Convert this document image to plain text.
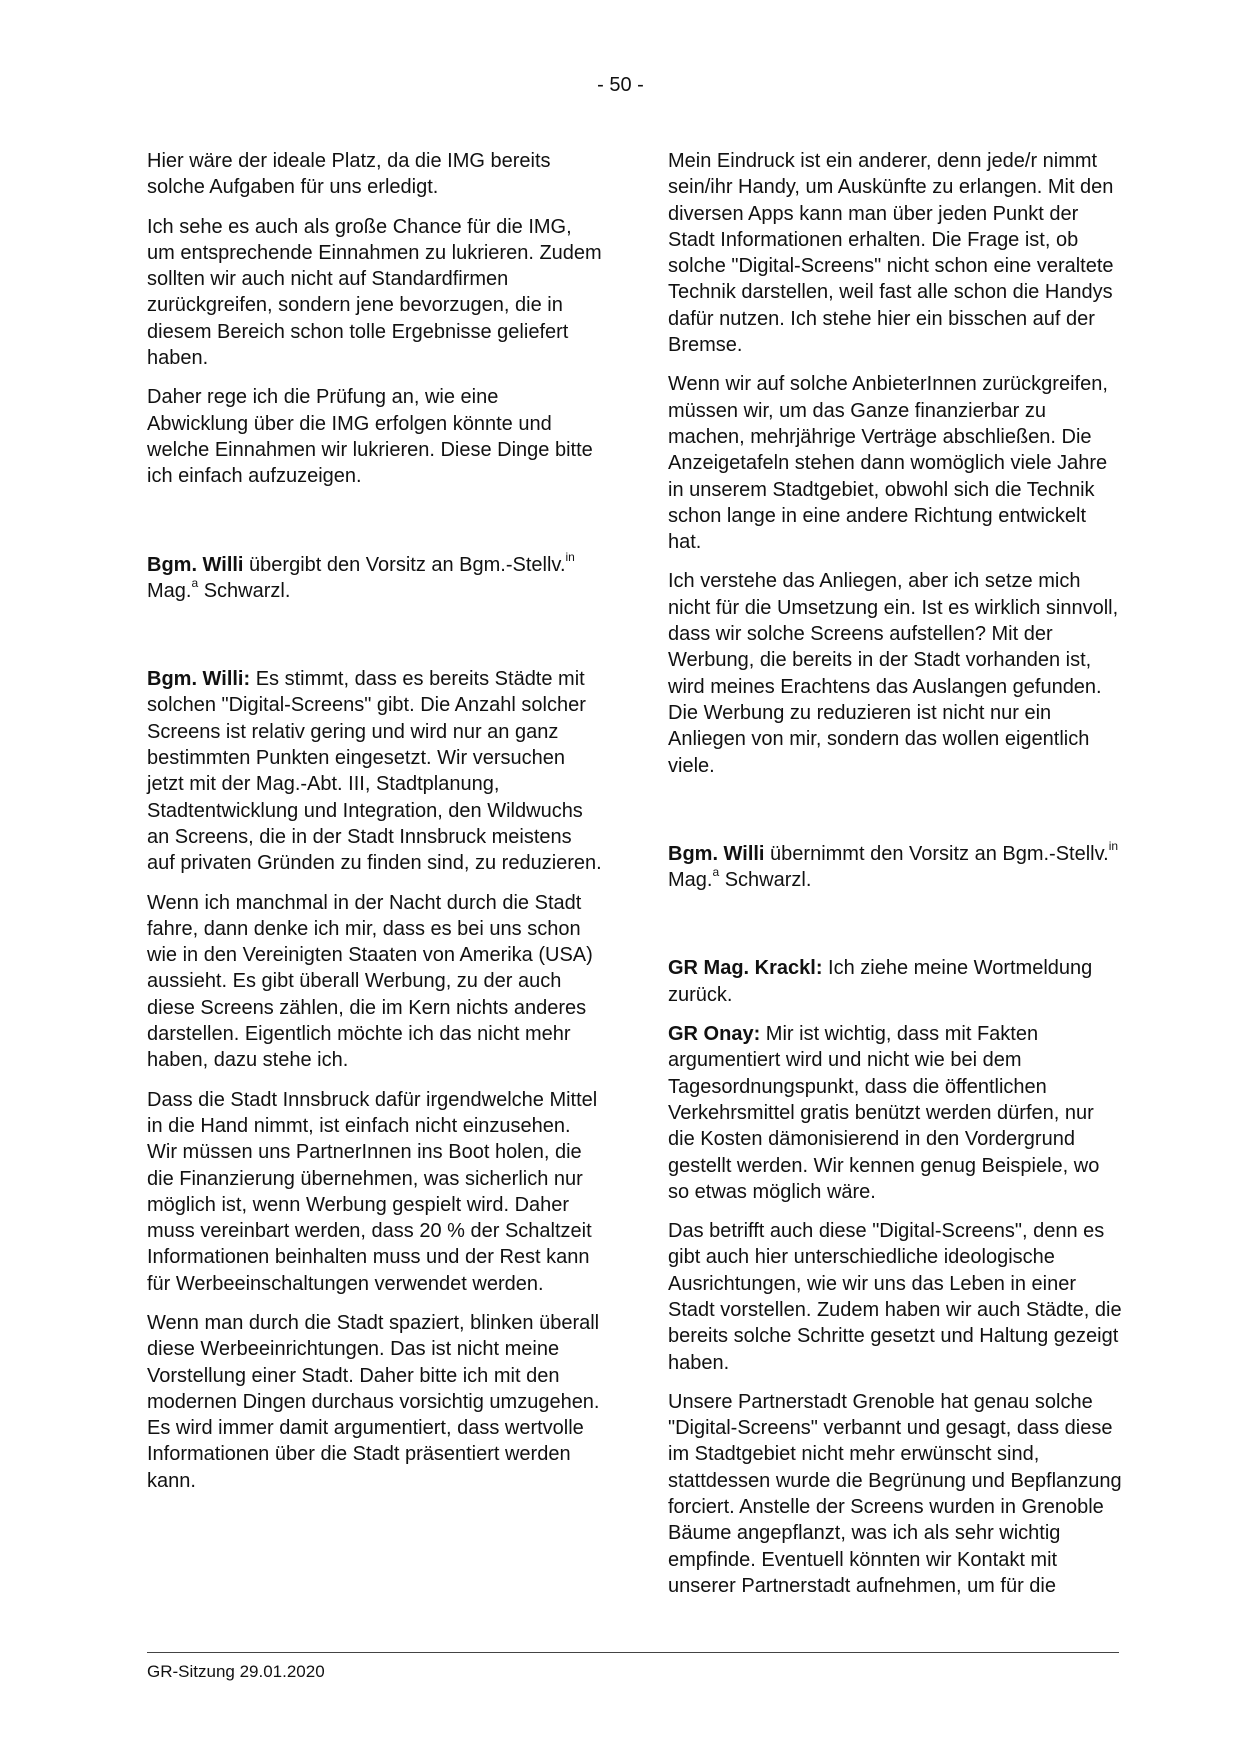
- 50 -

Hier wäre der ideale Platz, da die IMG bereits solche Aufgaben für uns erledigt.

Ich sehe es auch als große Chance für die IMG, um entsprechende Einnahmen zu lukrieren. Zudem sollten wir auch nicht auf Standardfirmen zurückgreifen, sondern jene bevorzugen, die in diesem Bereich schon tolle Ergebnisse geliefert haben.

Daher rege ich die Prüfung an, wie eine Abwicklung über die IMG erfolgen könnte und welche Einnahmen wir lukrieren. Diese Dinge bitte ich einfach aufzuzeigen.

Bgm. Willi übergibt den Vorsitz an Bgm.-Stellv.$^{in}$ Mag.$^a$ Schwarzl.

Bgm. Willi: Es stimmt, dass es bereits Städte mit solchen "Digital-Screens" gibt. Die Anzahl solcher Screens ist relativ gering und wird nur an ganz bestimmten Punkten eingesetzt. Wir versuchen jetzt mit der Mag.-Abt. III, Stadtplanung, Stadtentwicklung und Integration, den Wildwuchs an Screens, die in der Stadt Innsbruck meistens auf privaten Gründen zu finden sind, zu reduzieren.

Wenn ich manchmal in der Nacht durch die Stadt fahre, dann denke ich mir, dass es bei uns schon wie in den Vereinigten Staaten von Amerika (USA) aussieht. Es gibt überall Werbung, zu der auch diese Screens zählen, die im Kern nichts anderes darstellen. Eigentlich möchte ich das nicht mehr haben, dazu stehe ich.

Dass die Stadt Innsbruck dafür irgendwelche Mittel in die Hand nimmt, ist einfach nicht einzusehen. Wir müssen uns PartnerInnen ins Boot holen, die die Finanzierung übernehmen, was sicherlich nur möglich ist, wenn Werbung gespielt wird. Daher muss vereinbart werden, dass 20 % der Schaltzeit Informationen beinhalten muss und der Rest kann für Werbeeinschaltungen verwendet werden.

Wenn man durch die Stadt spaziert, blinken überall diese Werbeeinrichtungen. Das ist nicht meine Vorstellung einer Stadt. Daher bitte ich mit den modernen Dingen durchaus vorsichtig umzugehen. Es wird immer damit argumentiert, dass wertvolle Informationen über die Stadt präsentiert werden kann.

Mein Eindruck ist ein anderer, denn jede/r nimmt sein/ihr Handy, um Auskünfte zu erlangen. Mit den diversen Apps kann man über jeden Punkt der Stadt Informationen erhalten. Die Frage ist, ob solche "Digital-Screens" nicht schon eine veraltete Technik darstellen, weil fast alle schon die Handys dafür nutzen. Ich stehe hier ein bisschen auf der Bremse.

Wenn wir auf solche AnbieterInnen zurückgreifen, müssen wir, um das Ganze finanzierbar zu machen, mehrjährige Verträge abschließen. Die Anzeigetafeln stehen dann womöglich viele Jahre in unserem Stadtgebiet, obwohl sich die Technik schon lange in eine andere Richtung entwickelt hat.

Ich verstehe das Anliegen, aber ich setze mich nicht für die Umsetzung ein. Ist es wirklich sinnvoll, dass wir solche Screens aufstellen? Mit der Werbung, die bereits in der Stadt vorhanden ist, wird meines Erachtens das Auslangen gefunden. Die Werbung zu reduzieren ist nicht nur ein Anliegen von mir, sondern das wollen eigentlich viele.

Bgm. Willi übernimmt den Vorsitz an Bgm.-Stellv.$^{in}$ Mag.$^a$ Schwarzl.

GR Mag. Krackl: Ich ziehe meine Wortmeldung zurück.

GR Onay: Mir ist wichtig, dass mit Fakten argumentiert wird und nicht wie bei dem Tagesordnungspunkt, dass die öffentlichen Verkehrsmittel gratis benützt werden dürfen, nur die Kosten dämonisierend in den Vordergrund gestellt werden. Wir kennen genug Beispiele, wo so etwas möglich wäre.

Das betrifft auch diese "Digital-Screens", denn es gibt auch hier unterschiedliche ideologische Ausrichtungen, wie wir uns das Leben in einer Stadt vorstellen. Zudem haben wir auch Städte, die bereits solche Schritte gesetzt und Haltung gezeigt haben.

Unsere Partnerstadt Grenoble hat genau solche "Digital-Screens" verbannt und gesagt, dass diese im Stadtgebiet nicht mehr erwünscht sind, stattdessen wurde die Begrünung und Bepflanzung forciert. Anstelle der Screens wurden in Grenoble Bäume angepflanzt, was ich als sehr wichtig empfinde. Eventuell könnten wir Kontakt mit unserer Partnerstadt aufnehmen, um für die

GR-Sitzung 29.01.2020
